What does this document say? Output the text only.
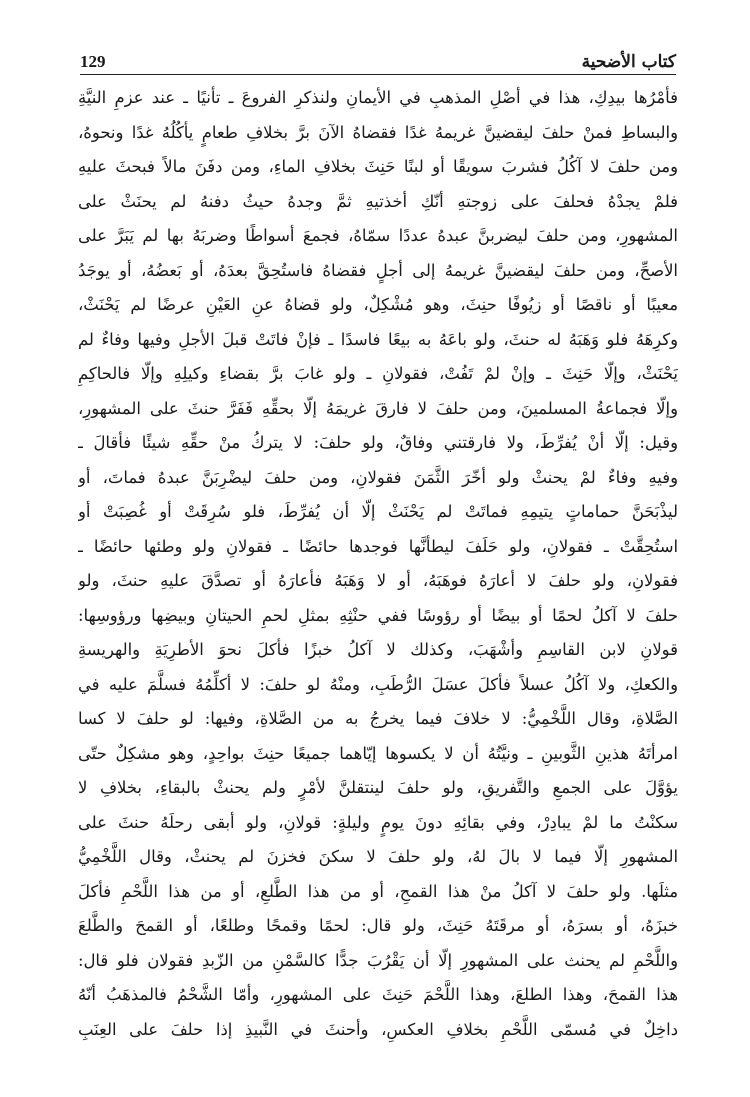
كتاب الأضحية
129
فأمْرُها بيدِكِ، هذا في أصْلِ المذهبِ في الأيمانِ ولنذكرِ الفروعَ ـ تأنيًا ـ عند عزمِ النيَّةِ
والبساطِ فمنْ حلفَ ليقضينَّ غريمهُ غدًا فقضاهُ الآنَ برَّ بخلافِ طعامٍ يأكُلُهُ غدًا ونحوهُ،
ومن حلفَ لا آكُلُ فشربَ سويقًا أو لبنًا حَنِثَ بخلافِ الماءِ، ومن دفَنَ مالاً فبحثَ عليهِ
فلمْ يجدْهُ فحلفَ على زوجتهِ أنّكِ أخذتيهِ ثمَّ وجدهُ حيثُ دفنهُ لم يحنَثْ على
المشهورِ، ومن حلفَ ليضربنَّ عبدهُ عددًا سمّاهُ، فجمعَ أسواطًا وضربَهُ بها لم يَبَرَّ على
الأصحِّ، ومن حلفَ ليقضينَّ غريمهُ إلى أجلٍ فقضاهُ فاستُحِقَّ بعدَهُ، أو بَعضُهُ، أو يوجَدُ
معيبًا أو ناقصًا أو زيُوفًا حنِثَ، وهو مُشْكِلٌ، ولو قضاهُ عنِ العَيْنِ عرضًا لم يَحْنَثْ،
وكرِهَهُ فلو وَهَبَهُ له حنثَ، ولو باعَهُ به بيعًا فاسدًا ـ فإنْ فاتَتْ قبلَ الأجلِ وفيها وفاءٌ لم
يَحْنَثْ، وإلّا حَنِثَ ـ وإنْ لمْ تَفُتْ، فقولانِ ـ ولو غابَ برَّ بقضاءِ وكيلِهِ وإلّا فالحاكِمِ
وإلّا فجماعةُ المسلمينَ، ومن حلفَ لا فارقَ غريمَهُ إلّا بحقِّهِ فَفَرَّ حنثَ على المشهورِ،
وقيل: إلّا أنْ يُفرِّطَ، ولا فارقتني وفاقٌ، ولو حلفَ: لا يتركُ منْ حقِّهِ شيئًا فأقالَ ـ
وفيهِ وفاءٌ لمْ يحنثْ ولو أخّرَ الثَّمَنَ فقولانِ، ومن حلفَ ليضْرِبَنَّ عبدهُ فماتَ، أو
ليذْبَحَنَّ حماماتٍ يتيمِهِ فماتَتْ لم يَحْنَثْ إلّا أن يُفرِّطَ، فلو سُرِقَتْ أو غُصِبَتْ أو
استُحِقَّتْ ـ فقولانِ، ولو حَلَفَ ليطأنَّها فوجدها حائضًا ـ فقولانِ ولو وطئها حائضًا ـ
فقولانِ، ولو حلفَ لا أعارَهُ فوهَبَهُ، أو لا وَهَبَهُ فأعارَهُ أو تصدَّقَ عليهِ حنثَ، ولو
حلفَ لا آكلُ لحمًا أو بيضًا أو رؤوسًا ففي حنْثِهِ بمثلِ لحمِ الحيتانِ وبيضِها ورؤوسِها:
قولانِ لابن القاسِمِ وأشْهَبَ، وكذلك لا آكلُ خبزًا فأكلَ نحوَ الأطرِيَةِ والهريسةِ
والكعكِ، ولا آكُلُ عسلاً فأكلَ عسَلَ الرُّطَبِ، ومنْهُ لو حلفَ: لا أكلِّمُهُ فسلَّمَ عليه في
الصَّلاةِ، وقال اللَّخْمِيُّ: لا خلافَ فيما يخرجُ به من الصَّلاةِ، وفيها: لو حلفَ لا كسا
امرأتَهُ هذينِ الثَّوبينِ ـ ونيَّتُهُ أن لا يكسوها إيّاهما جميعًا حنِثَ بواحِدٍ، وهو مشكِلٌ حتّى
يؤوَّلَ على الجمعِ والتَّفريقِ، ولو حلفَ لينتقلنَّ لأمْرٍ ولم يحنثْ بالبقاءِ، بخلافِ لا
سكنْتُ ما لمْ يبادِرْ، وفي بقائِهِ دونَ يومٍ وليلةٍ: قولانِ، ولو أبقى رحلَهُ حنثَ على
المشهورِ إلّا فيما لا بالَ لهُ، ولو حلفَ لا سكنَ فخزنَ لم يحنثْ، وقال اللَّخْمِيُّ
مثلَها. ولو حلفَ لا آكلُ منْ هذا القمحِ، أو من هذا الطَّلعِ، أو من هذا اللَّحْمِ فأكلَ
خبزَهُ، أو بسرَهُ، أو مرقَتَهُ حَنِثَ، ولو قال: لحمًا وقمحًا وطلعًا، أو القمحَ والطَّلعَ
واللَّحْمِ لم يحنث على المشهورِ إلّا أن يَقْرُبَ جدًّا كالسَّمْنِ من الزّبدِ فقولان فلو قال:
هذا القمحَ، وهذا الطلعَ، وهذا اللَّحْمَ حَنِثَ على المشهورِ، وأمّا الشَّحْمُ فالمذهَبُ أنّهُ
داخِلٌ في مُسمّى اللَّحْمِ بخلافِ العكسِ، وأحنثَ في النَّبيذِ إذا حلفَ على العِنَبِ
